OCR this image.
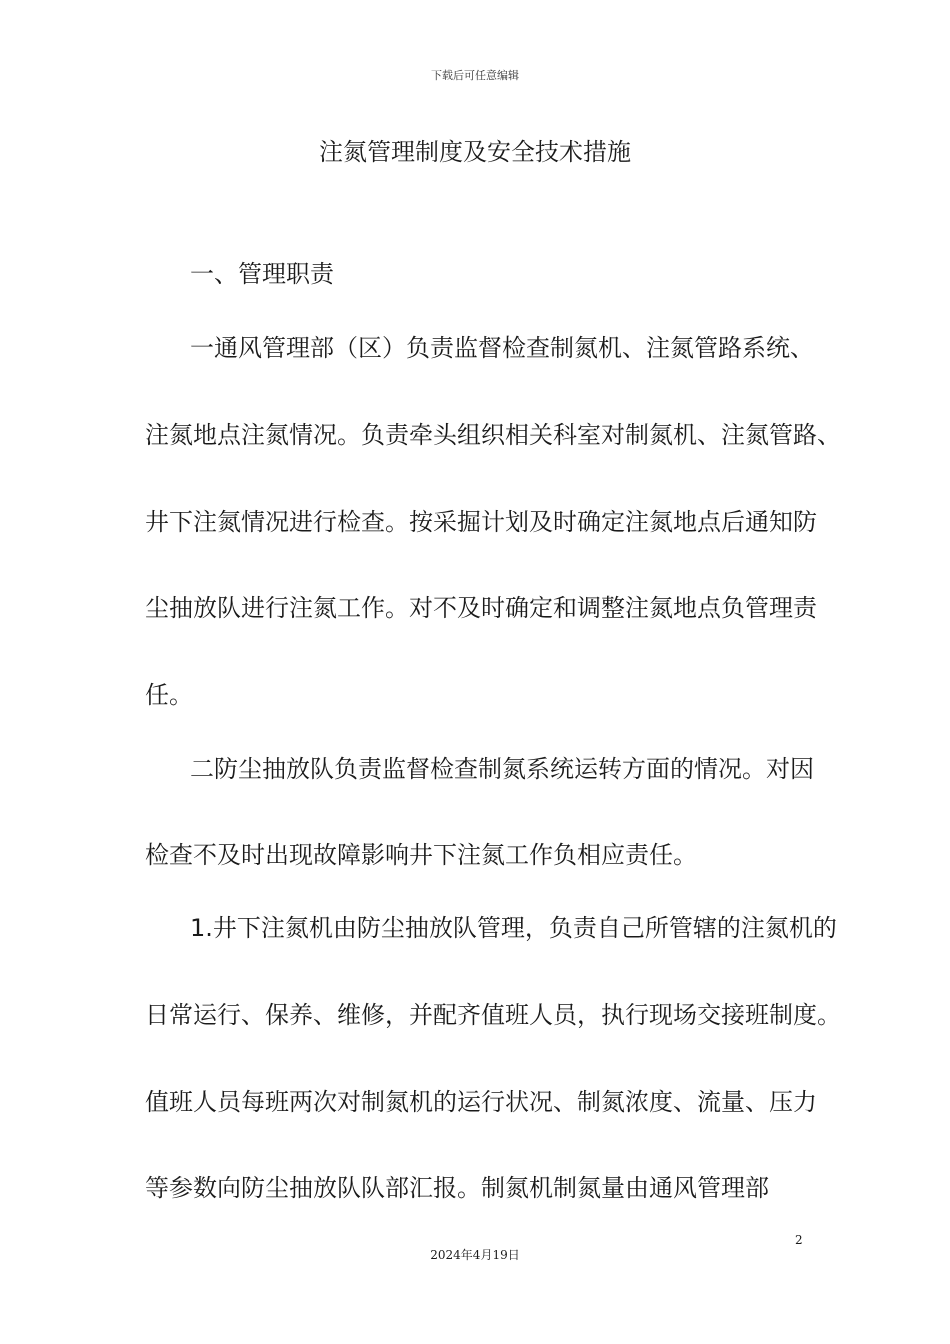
下载后可任意编辑
注氮管理制度及安全技术措施
一、管理职责
一通风管理部（区）负责监督检查制氮机、注氮管路系统、
注氮地点注氮情况。负责牵头组织相关科室对制氮机、注氮管路、
井下注氮情况进行检查。按采掘计划及时确定注氮地点后通知防
尘抽放队进行注氮工作。对不及时确定和调整注氮地点负管理责
任。
二防尘抽放队负责监督检查制氮系统运转方面的情况。对因
检查不及时出现故障影响井下注氮工作负相应责任。
1.井下注氮机由防尘抽放队管理，负责自己所管辖的注氮机的
日常运行、保养、维修，并配齐值班人员，执行现场交接班制度。
值班人员每班两次对制氮机的运行状况、制氮浓度、流量、压力
等参数向防尘抽放队队部汇报。制氮机制氮量由通风管理部
2
2024年4月19日
